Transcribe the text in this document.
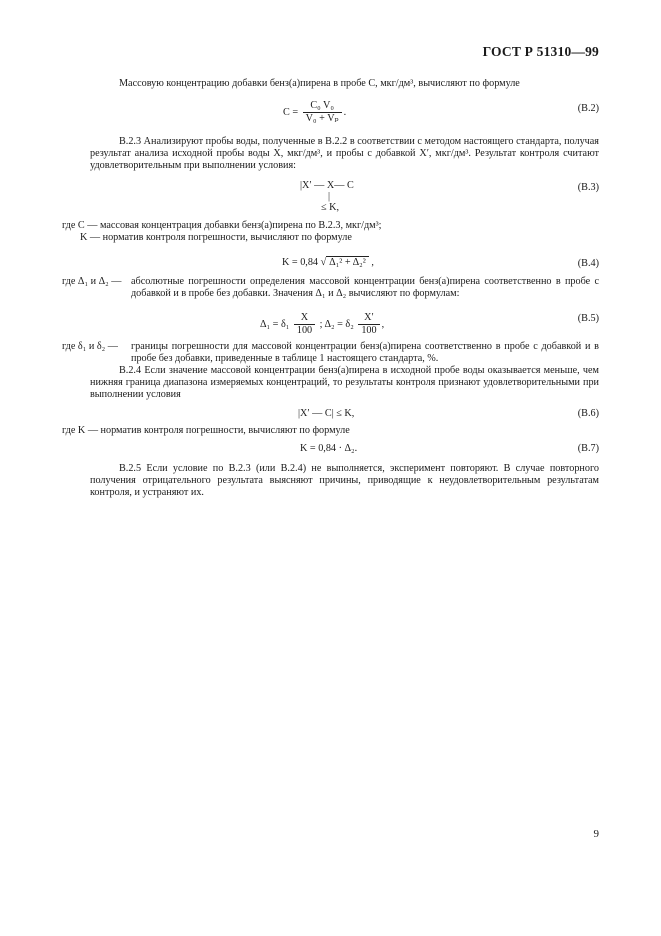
ГОСТ Р 51310—99
Массовую концентрацию добавки бенз(а)пирена в пробе С, мкг/дм³, вычисляют по формуле
$C = \frac{\text{C₀ V₀}}{\text{V₀ + Vₚ}}$ .	(В.2)
В.2.3 Анализируют пробы воды, полученные в В.2.2 в соответствии с методом настоящего стандарта, получая результат анализа исходной пробы воды X, мкг/дм³, и пробы с добавкой X′, мкг/дм³. Результат контроля считают удовлетворительным при выполнении условия:
|X′ — X— C
|
≤ K,
(В.3)
где С — массовая концентрация добавки бенз(а)пирена по В.2.3, мкг/дм³;
K — норматив контроля погрешности, вычисляют по формуле
K = 0,84 √ Δ₁² + Δ₂² ,	(В.4)
где Δ₁ и Δ₂ — абсолютные погрешности определения массовой концентрации бенз(а)пирена соответственно в пробе с добавкой и в пробе без добавки. Значения Δ₁ и Δ₂ вычисляют по формулам:
$\Delta_1 = \delta_1 \frac{X}{100}$ ; $\Delta_2 = \delta_2 \frac{X'}{100}$ ,
(В.5)
где δ₁ и δ₂ — границы погрешности для массовой концентрации бенз(а)пирена соответственно в пробе с добавкой и в пробе без добавки, приведенные в таблице 1 настоящего стандарта, %.
В.2.4 Если значение массовой концентрации бенз(а)пирена в исходной пробе воды оказывается меньше, чем нижняя граница диапазона измеряемых концентраций, то результаты контроля признают удовлетворительными при выполнении условия
|X′ — C| ≤ K,	(В.6)
где K — норматив контроля погрешности, вычисляют по формуле
K = 0,84 · Δ₂.	(В.7)
В.2.5 Если условие по В.2.3 (или В.2.4) не выполняется, эксперимент повторяют. В случае повторного получения отрицательного результата выясняют причины, приводящие к неудовлетворительным результатам контроля, и устраняют их.
9
